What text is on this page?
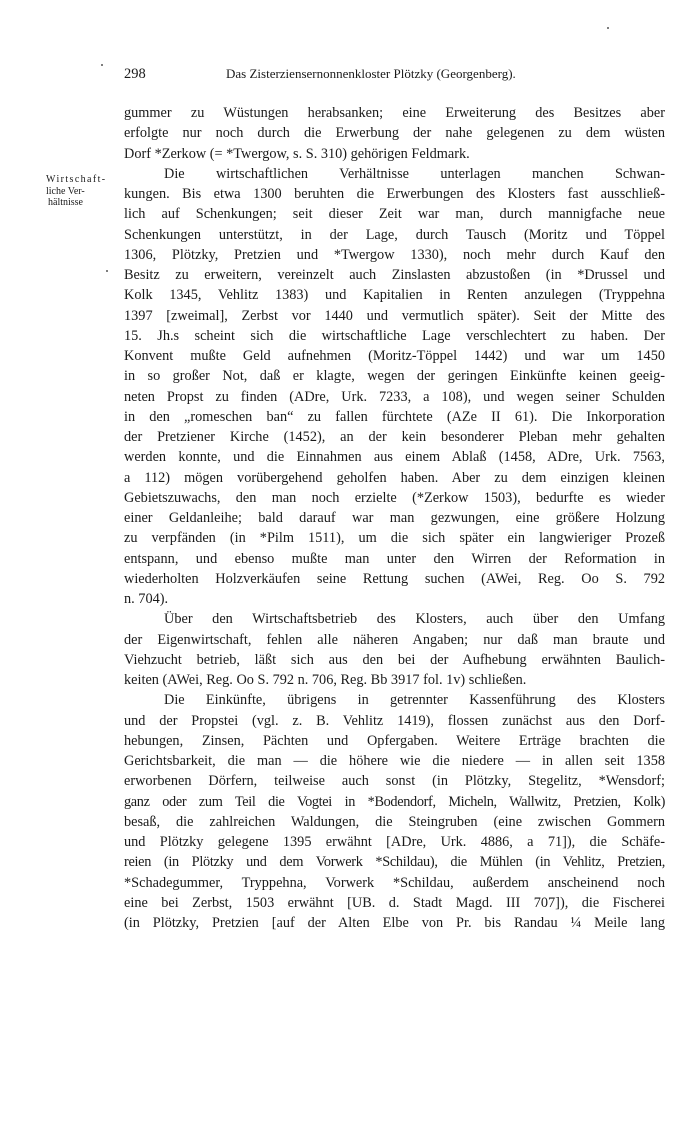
298	Das Zisterziensernonnenkloster Plötzky (Georgenberg).
Wirtschaft-
liche Ver-
hältnisse
gummer zu Wüstungen herabsanken; eine Erweiterung des Besitzes aber
erfolgte nur noch durch die Erwerbung der nahe gelegenen zu dem wüsten
Dorf *Zerkow (= *Twergow, s. S. 310) gehörigen Feldmark.
Die wirtschaftlichen Verhältnisse unterlagen manchen Schwan-
kungen. Bis etwa 1300 beruhten die Erwerbungen des Klosters fast ausschließ-
lich auf Schenkungen; seit dieser Zeit war man, durch mannigfache neue
Schenkungen unterstützt, in der Lage, durch Tausch (Moritz und Töppel
1306, Plötzky, Pretzien und *Twergow 1330), noch mehr durch Kauf den
Besitz zu erweitern, vereinzelt auch Zinslasten abzustoßen (in *Drussel und
Kolk 1345, Vehlitz 1383) und Kapitalien in Renten anzulegen (Tryppehna
1397 [zweimal], Zerbst vor 1440 und vermutlich später). Seit der Mitte des
15. Jh.s scheint sich die wirtschaftliche Lage verschlechtert zu haben. Der
Konvent mußte Geld aufnehmen (Moritz-Töppel 1442) und war um 1450
in so großer Not, daß er klagte, wegen der geringen Einkünfte keinen geeig-
neten Propst zu finden (ADre, Urk. 7233, a 108), und wegen seiner Schulden
in den „romeschen ban“ zu fallen fürchtete (AZe II 61). Die Inkorporation
der Pretziener Kirche (1452), an der kein besonderer Pleban mehr gehalten
werden konnte, und die Einnahmen aus einem Ablaß (1458, ADre, Urk. 7563,
a 112) mögen vorübergehend geholfen haben. Aber zu dem einzigen kleinen
Gebietszuwachs, den man noch erzielte (*Zerkow 1503), bedurfte es wieder
einer Geldanleihe; bald darauf war man gezwungen, eine größere Holzung
zu verpfänden (in *Pilm 1511), um die sich später ein langwieriger Prozeß
entspann, und ebenso mußte man unter den Wirren der Reformation in
wiederholten Holzverkäufen seine Rettung suchen (AWei, Reg. Oo S. 792
n. 704).
Über den Wirtschaftsbetrieb des Klosters, auch über den Umfang
der Eigenwirtschaft, fehlen alle näheren Angaben; nur daß man braute und
Viehzucht betrieb, läßt sich aus den bei der Aufhebung erwähnten Baulich-
keiten (AWei, Reg. Oo S. 792 n. 706, Reg. Bb 3917 fol. 1v) schließen.
Die Einkünfte, übrigens in getrennter Kassenführung des Klosters
und der Propstei (vgl. z. B. Vehlitz 1419), flossen zunächst aus den Dorf-
hebungen, Zinsen, Pächten und Opfergaben. Weitere Erträge brachten die
Gerichtsbarkeit, die man — die höhere wie die niedere — in allen seit 1358
erworbenen Dörfern, teilweise auch sonst (in Plötzky, Stegelitz, *Wensdorf;
ganz oder zum Teil die Vogtei in *Bodendorf, Micheln, Wallwitz, Pretzien, Kolk)
besaß, die zahlreichen Waldungen, die Steingruben (eine zwischen Gommern
und Plötzky gelegene 1395 erwähnt [ADre, Urk. 4886, a 71]), die Schäfe-
reien (in Plötzky und dem Vorwerk *Schildau), die Mühlen (in Vehlitz, Pretzien,
*Schadegummer, Tryppehna, Vorwerk *Schildau, außerdem anscheinend noch
eine bei Zerbst, 1503 erwähnt [UB. d. Stadt Magd. III 707]), die Fischerei
(in Plötzky, Pretzien [auf der Alten Elbe von Pr. bis Randau ¼ Meile lang
